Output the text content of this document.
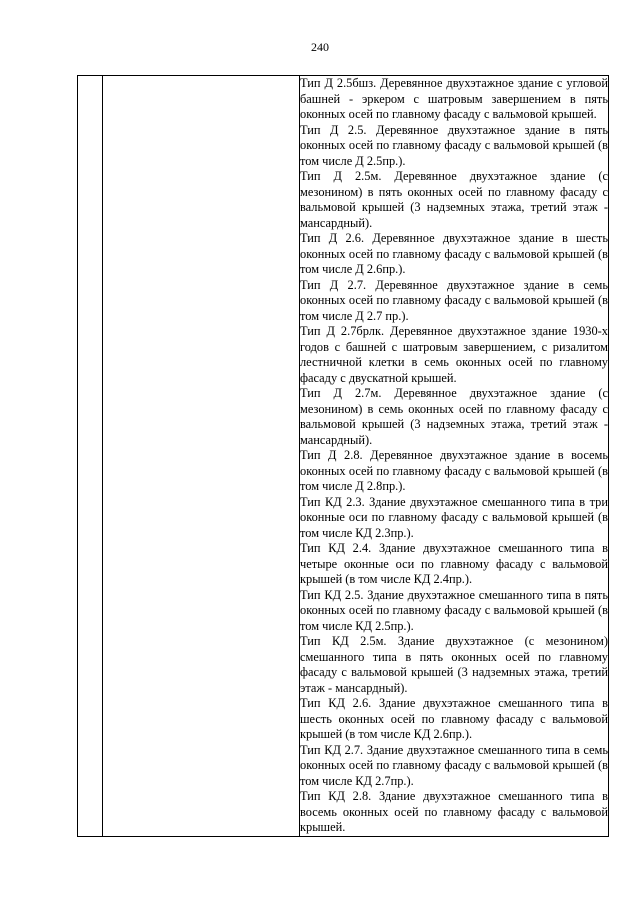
240

Тип Д 2.5бшз. Деревянное двухэтажное здание с угловой башней - эркером с шатровым завершением в пять оконных осей по главному фасаду с вальмовой крышей.

Тип Д 2.5. Деревянное двухэтажное здание в пять оконных осей по главному фасаду с вальмовой крышей (в том числе Д 2.5пр.).

Тип Д 2.5м. Деревянное двухэтажное здание (с мезонином) в пять оконных осей по главному фасаду с вальмовой крышей (3 надземных этажа, третий этаж - мансардный).

Тип Д 2.6. Деревянное двухэтажное здание в шесть оконных осей по главному фасаду с вальмовой крышей (в том числе Д 2.6пр.).

Тип Д 2.7. Деревянное двухэтажное здание в семь оконных осей по главному фасаду с вальмовой крышей (в том числе Д 2.7 пр.).

Тип Д 2.7брлк. Деревянное двухэтажное здание 1930-х годов с башней с шатровым завершением, с ризалитом лестничной клетки в семь оконных осей по главному фасаду с двускатной крышей.

Тип Д 2.7м. Деревянное двухэтажное здание (с мезонином) в семь оконных осей по главному фасаду с вальмовой крышей (3 надземных этажа, третий этаж - мансардный).

Тип Д 2.8. Деревянное двухэтажное здание в восемь оконных осей по главному фасаду с вальмовой крышей (в том числе Д 2.8пр.).

Тип КД 2.3. Здание двухэтажное смешанного типа в три оконные оси по главному фасаду с вальмовой крышей (в том числе КД 2.3пр.).

Тип КД 2.4. Здание двухэтажное смешанного типа в четыре оконные оси по главному фасаду с вальмовой крышей (в том числе КД 2.4пр.).

Тип КД 2.5. Здание двухэтажное смешанного типа в пять оконных осей по главному фасаду с вальмовой крышей (в том числе КД 2.5пр.).

Тип КД 2.5м. Здание двухэтажное (с мезонином) смешанного типа в пять оконных осей по главному фасаду с вальмовой крышей (3 надземных этажа, третий этаж - мансардный).

Тип КД 2.6. Здание двухэтажное смешанного типа в шесть оконных осей по главному фасаду с вальмовой крышей (в том числе КД 2.6пр.).

Тип КД 2.7. Здание двухэтажное смешанного типа в семь оконных осей по главному фасаду с вальмовой крышей (в том числе КД 2.7пр.).

Тип КД 2.8. Здание двухэтажное смешанного типа в восемь оконных осей по главному фасаду с вальмовой крышей.
